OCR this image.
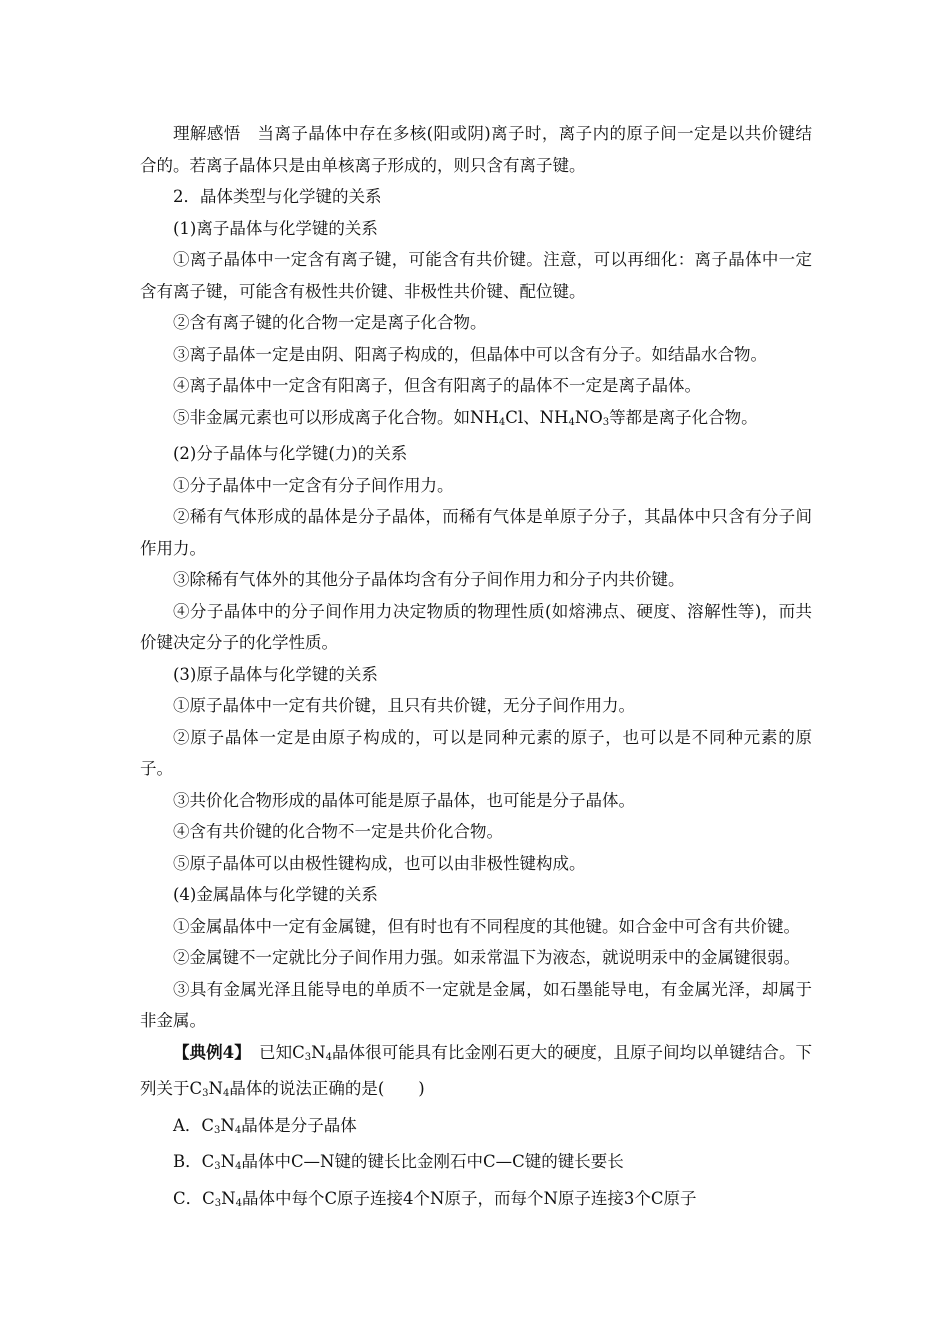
理解感悟　当离子晶体中存在多核(阳或阴)离子时，离子内的原子间一定是以共价键结合的。若离子晶体只是由单核离子形成的，则只含有离子键。

2．晶体类型与化学键的关系

(1)离子晶体与化学键的关系

①离子晶体中一定含有离子键，可能含有共价键。注意，可以再细化：离子晶体中一定含有离子键，可能含有极性共价键、非极性共价键、配位键。

②含有离子键的化合物一定是离子化合物。

③离子晶体一定是由阴、阳离子构成的，但晶体中可以含有分子。如结晶水合物。

④离子晶体中一定含有阳离子，但含有阳离子的晶体不一定是离子晶体。

⑤非金属元素也可以形成离子化合物。如$NH_4Cl$、$NH_4NO_3$等都是离子化合物。

(2)分子晶体与化学键(力)的关系

①分子晶体中一定含有分子间作用力。

②稀有气体形成的晶体是分子晶体，而稀有气体是单原子分子，其晶体中只含有分子间作用力。

③除稀有气体外的其他分子晶体均含有分子间作用力和分子内共价键。

④分子晶体中的分子间作用力决定物质的物理性质(如熔沸点、硬度、溶解性等)，而共价键决定分子的化学性质。

(3)原子晶体与化学键的关系

①原子晶体中一定有共价键，且只有共价键，无分子间作用力。

②原子晶体一定是由原子构成的，可以是同种元素的原子，也可以是不同种元素的原子。

③共价化合物形成的晶体可能是原子晶体，也可能是分子晶体。

④含有共价键的化合物不一定是共价化合物。

⑤原子晶体可以由极性键构成，也可以由非极性键构成。

(4)金属晶体与化学键的关系

①金属晶体中一定有金属键，但有时也有不同程度的其他键。如合金中可含有共价键。

②金属键不一定就比分子间作用力强。如汞常温下为液态，就说明汞中的金属键很弱。

③具有金属光泽且能导电的单质不一定就是金属，如石墨能导电，有金属光泽，却属于非金属。

【典例4】　已知$C_3N_4$晶体很可能具有比金刚石更大的硬度，且原子间均以单键结合。下列关于$C_3N_4$晶体的说法正确的是( )

A．$C_3N_4$晶体是分子晶体

B．$C_3N_4$晶体中C—N键的键长比金刚石中C—C键的键长要长

C．$C_3N_4$晶体中每个C原子连接4个N原子，而每个N原子连接3个C原子
